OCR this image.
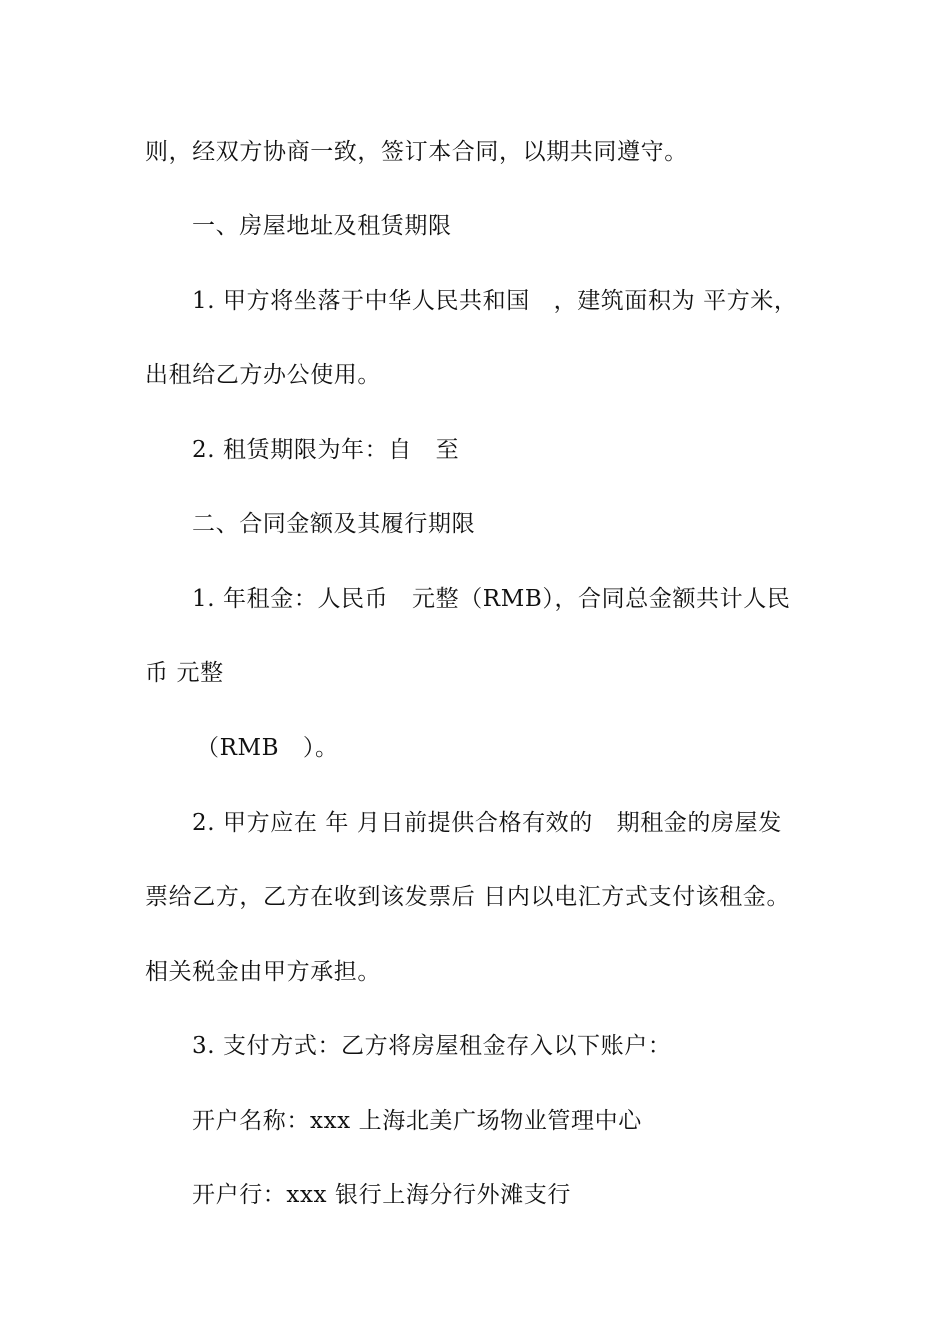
则，经双方协商一致，签订本合同，以期共同遵守。
一、房屋地址及租赁期限
1. 甲方将坐落于中华人民共和国   ，建筑面积为 平方米，
出租给乙方办公使用。
2. 租赁期限为年：自   至
二、合同金额及其履行期限
1. 年租金：人民币   元整（RMB），合同总金额共计人民
币 元整
（RMB   ）。
2. 甲方应在 年 月日前提供合格有效的   期租金的房屋发
票给乙方，乙方在收到该发票后 日内以电汇方式支付该租金。
相关税金由甲方承担。
3. 支付方式：乙方将房屋租金存入以下账户：
开户名称：xxx 上海北美广场物业管理中心
开户行：xxx 银行上海分行外滩支行
